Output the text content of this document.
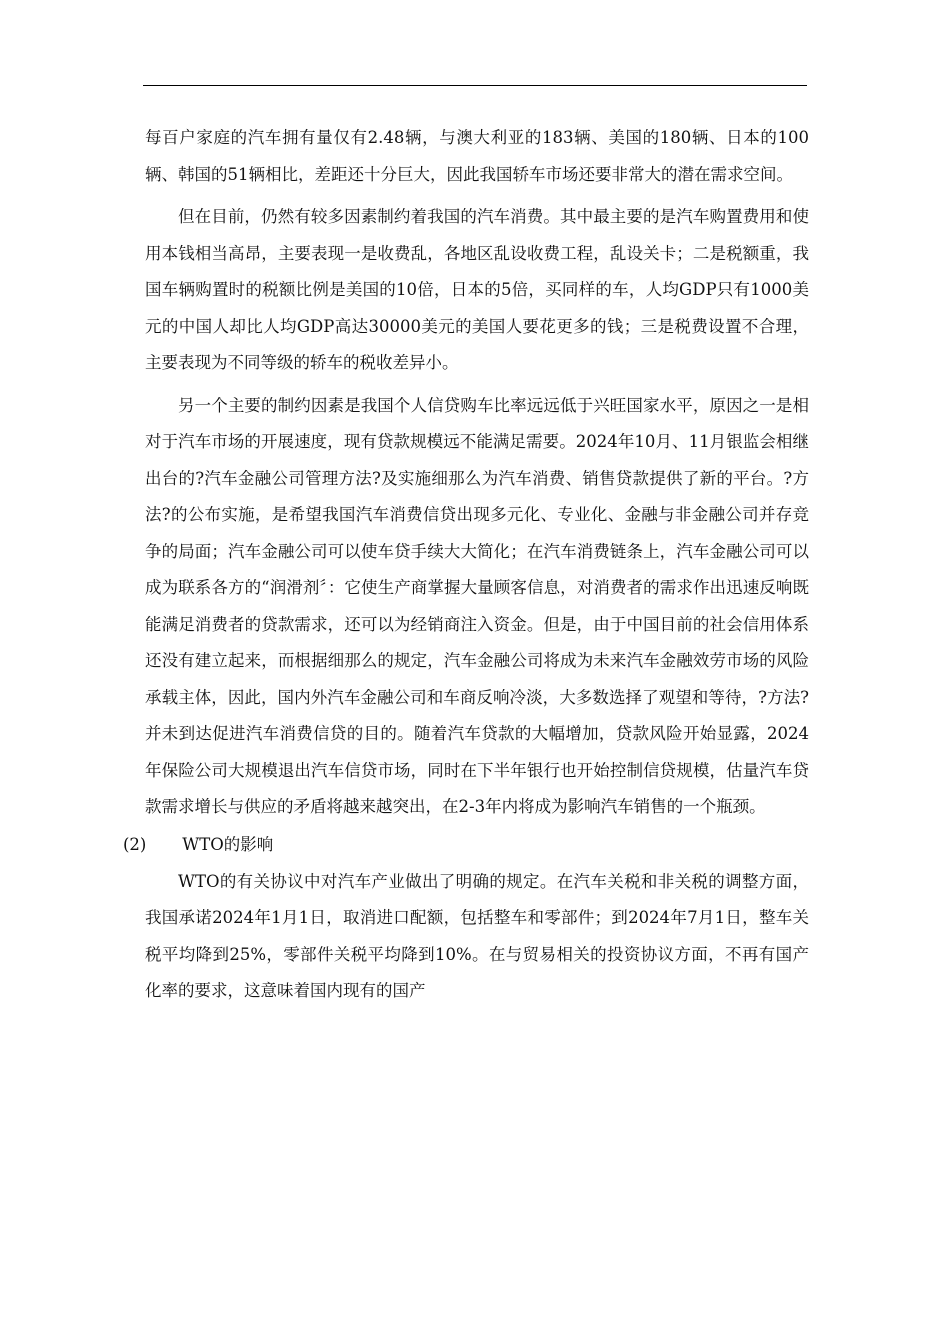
每百户家庭的汽车拥有量仅有2.48辆，与澳大利亚的183辆、美国的180辆、日本的100辆、韩国的51辆相比，差距还十分巨大，因此我国轿车市场还要非常大的潜在需求空间。

但在目前，仍然有较多因素制约着我国的汽车消费。其中最主要的是汽车购置费用和使用本钱相当高昂，主要表现一是收费乱，各地区乱设收费工程，乱设关卡；二是税额重，我国车辆购置时的税额比例是美国的10倍，日本的5倍，买同样的车，人均GDP只有1000美元的中国人却比人均GDP高达30000美元的美国人要花更多的钱；三是税费设置不合理，主要表现为不同等级的轿车的税收差异小。

另一个主要的制约因素是我国个人信贷购车比率远远低于兴旺国家水平，原因之一是相对于汽车市场的开展速度，现有贷款规模远不能满足需要。2024年10月、11月银监会相继出台的?汽车金融公司管理方法?及实施细那么为汽车消费、销售贷款提供了新的平台。?方法?的公布实施，是希望我国汽车消费信贷出现多元化、专业化、金融与非金融公司并存竞争的局面；汽车金融公司可以使车贷手续大大简化；在汽车消费链条上，汽车金融公司可以成为联系各方的“润滑剂〞：它使生产商掌握大量顾客信息，对消费者的需求作出迅速反响既能满足消费者的贷款需求，还可以为经销商注入资金。但是，由于中国目前的社会信用体系还没有建立起来，而根据细那么的规定，汽车金融公司将成为未来汽车金融效劳市场的风险承载主体，因此，国内外汽车金融公司和车商反响冷淡，大多数选择了观望和等待，?方法?并未到达促进汽车消费信贷的目的。随着汽车贷款的大幅增加，贷款风险开始显露，2024年保险公司大规模退出汽车信贷市场，同时在下半年银行也开始控制信贷规模，估量汽车贷款需求增长与供应的矛盾将越来越突出，在2-3年内将成为影响汽车销售的一个瓶颈。

(2) WTO的影响

WTO的有关协议中对汽车产业做出了明确的规定。在汽车关税和非关税的调整方面， 我国承诺2024年1月1日，取消进口配额，包括整车和零部件；到2024年7月1日，整车关税平均降到25%，零部件关税平均降到10%。在与贸易相关的投资协议方面，不再有国产化率的要求，这意味着国内现有的国产
